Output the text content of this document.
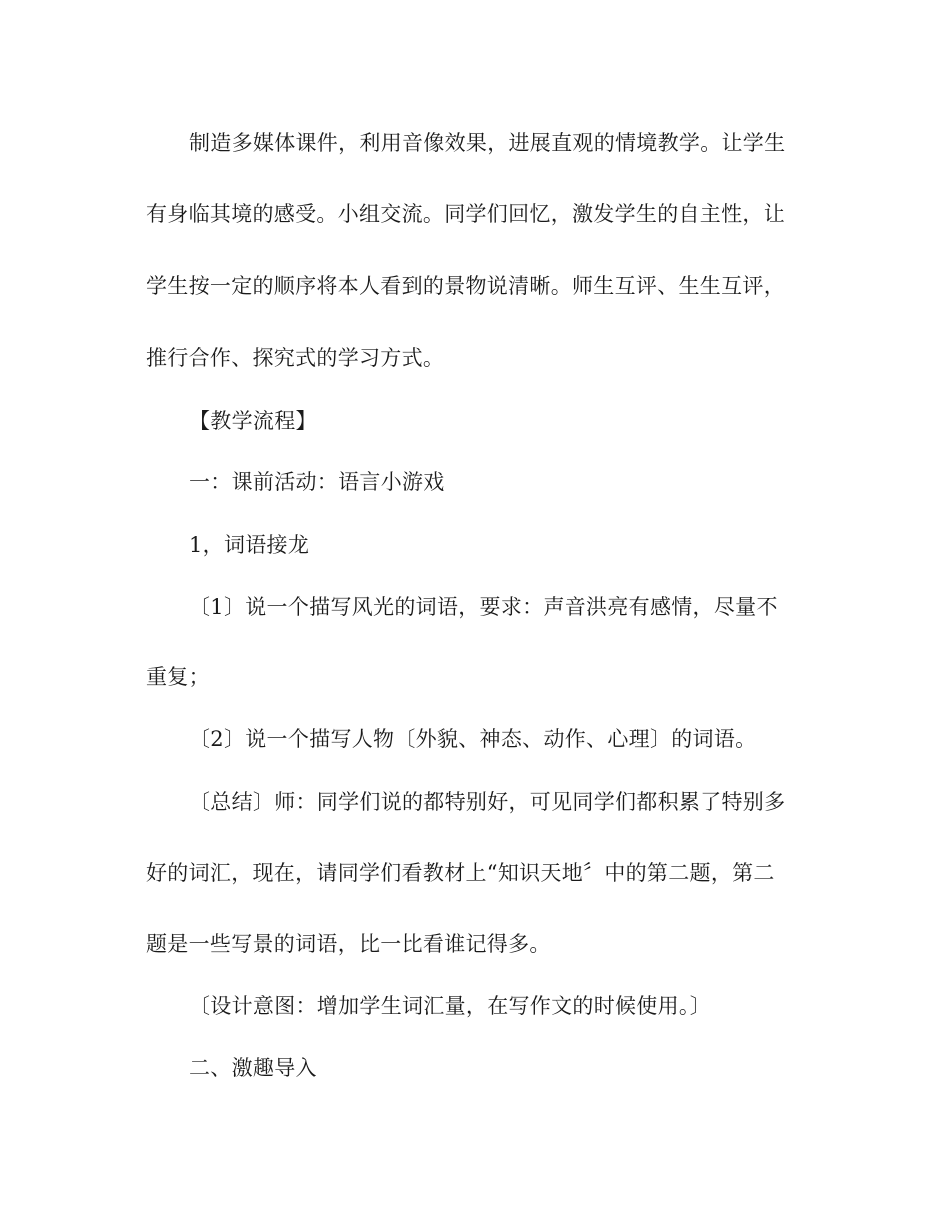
制造多媒体课件，利用音像效果，进展直观的情境教学。让学生
有身临其境的感受。小组交流。同学们回忆，激发学生的自主性，让
学生按一定的顺序将本人看到的景物说清晰。师生互评、生生互评，
推行合作、探究式的学习方式。
【教学流程】
一：课前活动：语言小游戏
1，词语接龙
〔1〕说一个描写风光的词语，要求：声音洪亮有感情，尽量不
重复；
〔2〕说一个描写人物〔外貌、神态、动作、心理〕的词语。
〔总结〕师：同学们说的都特别好，可见同学们都积累了特别多
好的词汇，现在，请同学们看教材上“知识天地〞中的第二题，第二
题是一些写景的词语，比一比看谁记得多。
〔设计意图：增加学生词汇量，在写作文的时候使用。〕
二、激趣导入
